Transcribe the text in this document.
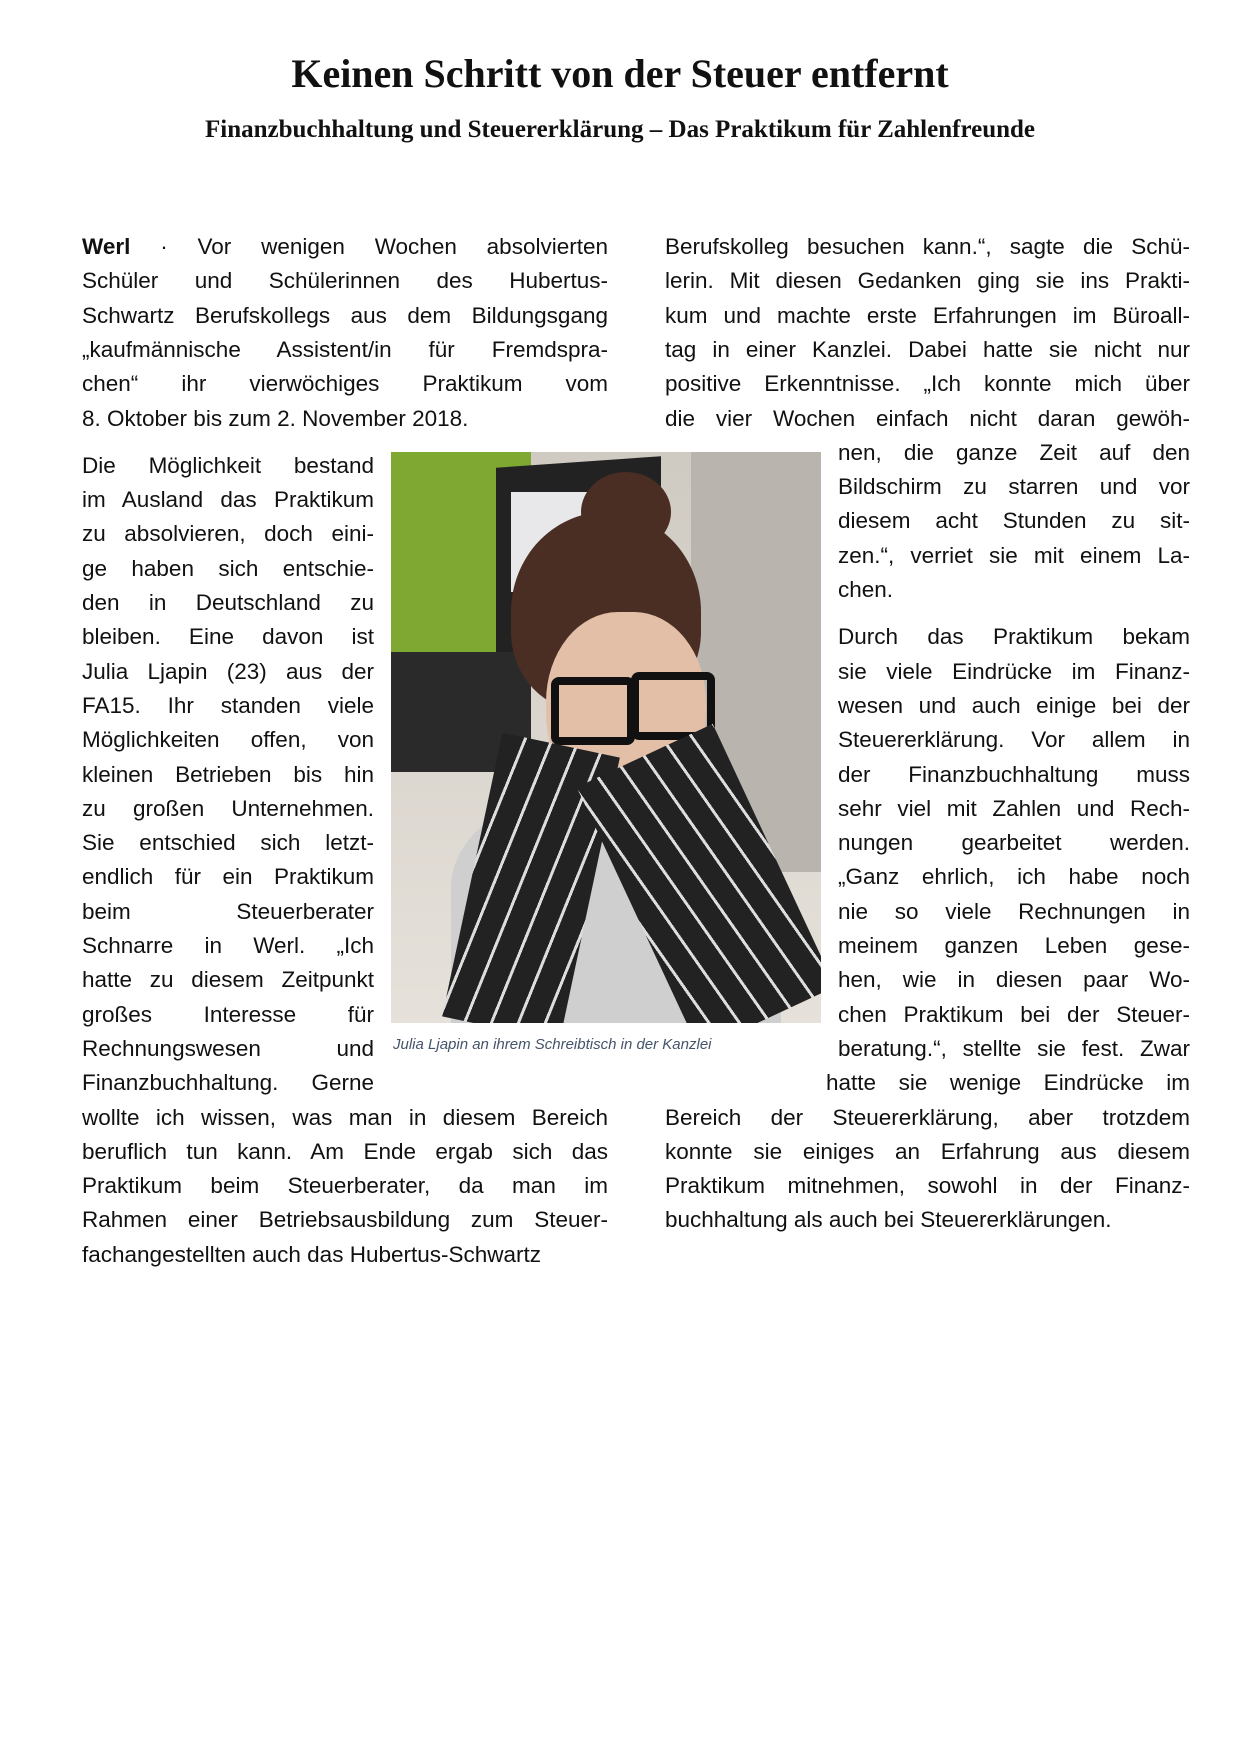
Keinen Schritt von der Steuer entfernt
Finanzbuchhaltung und Steuererklärung – Das Praktikum für Zahlenfreunde
Werl · Vor wenigen Wochen absolvierten
Schüler und Schülerinnen des Hubertus-
Schwartz Berufskollegs aus dem Bildungsgang
„kaufmännische Assistent/in für Fremdspra-
chen“ ihr vierwöchiges Praktikum vom
8. Oktober bis zum 2. November 2018.
Die Möglichkeit bestand
im Ausland das Praktikum
zu absolvieren, doch eini-
ge haben sich entschie-
den in Deutschland zu
bleiben. Eine davon ist
Julia Ljapin (23) aus der
FA15. Ihr standen viele
Möglichkeiten offen, von
kleinen Betrieben bis hin
zu großen Unternehmen.
Sie entschied sich letzt-
endlich für ein Praktikum
beim Steuerberater
Schnarre in Werl. „Ich
hatte zu diesem Zeitpunkt
großes Interesse für
Rechnungswesen und
Finanzbuchhaltung. Gerne
wollte ich wissen, was man in diesem Bereich
beruflich tun kann. Am Ende ergab sich das
Praktikum beim Steuerberater, da man im
Rahmen einer Betriebsausbildung zum Steuer-
fachangestellten auch das Hubertus-Schwartz
Berufskolleg besuchen kann.“, sagte die Schü-
lerin. Mit diesen Gedanken ging sie ins Prakti-
kum und machte erste Erfahrungen im Büroall-
tag in einer Kanzlei. Dabei hatte sie nicht nur
positive Erkenntnisse. „Ich konnte mich über
die vier Wochen einfach nicht daran gewöh-
nen, die ganze Zeit auf den
Bildschirm zu starren und vor
diesem acht Stunden zu sit-
zen.“, verriet sie mit einem La-
chen.
Durch das Praktikum bekam
sie viele Eindrücke im Finanz-
wesen und auch einige bei der
Steuererklärung. Vor allem in
der Finanzbuchhaltung muss
sehr viel mit Zahlen und Rech-
nungen gearbeitet werden.
„Ganz ehrlich, ich habe noch
nie so viele Rechnungen in
meinem ganzen Leben gese-
hen, wie in diesen paar Wo-
chen Praktikum bei der Steuer-
beratung.“, stellte sie fest. Zwar
hatte sie wenige Eindrücke im
Bereich der Steuererklärung, aber trotzdem
konnte sie einiges an Erfahrung aus diesem
Praktikum mitnehmen, sowohl in der Finanz-
buchhaltung als auch bei Steuererklärungen.
Julia Ljapin an ihrem Schreibtisch in der Kanzlei
